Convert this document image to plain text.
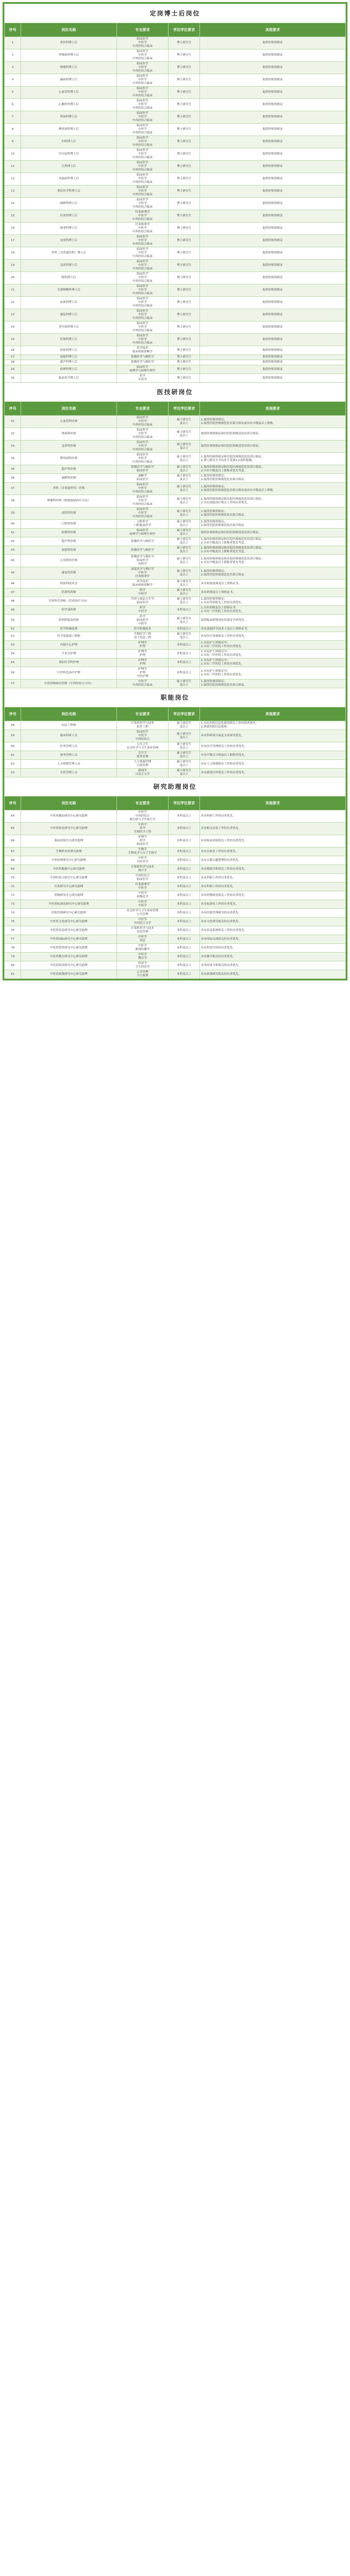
定岗博士后岗位				
序号	岗位名称	专业要求	学历学位要求	其他要求
1	骨伤科博士后	临床医学
中医学
中西医结合临床	博士研究生	取得医师资格证
2	呼吸病科博士后	临床医学
中医学
中西医结合临床	博士研究生	取得医师资格证
3	肿瘤科博士后	临床医学
中医学
中西医结合临床	博士研究生	取得医师资格证
4	脑病科博士后	临床医学
中医学
中西医结合临床	博士研究生	取得医师资格证
5	心血管科博士后	临床医学
中医学
中西医结合临床	博士研究生	取得医师资格证
6	心胸外科博士后	临床医学
中医学
中西医结合临床	博士研究生	取得医师资格证
7	肾病科博士后	临床医学
中医学
中西医结合临床	博士研究生	取得医师资格证
8	脾胃病科博士后	临床医学
中医学
中西医结合临床	博士研究生	取得医师资格证
9	妇科博士后	临床医学
中医学
中西医结合临床	博士研究生	取得医师资格证
10	内分泌科博士后	临床医学
中医学
中西医结合临床	博士研究生	取得医师资格证
11	儿科博士后	临床医学
中医学
中西医结合临床	博士研究生	取得医师资格证
12	风湿病科博士后	临床医学
中医学
中西医结合临床	博士研究生	取得医师资格证
13	重症医学科博士后	临床医学
中医学
中西医结合临床	博士研究生	取得医师资格证
14	麻醉科博士后	临床医学
中医学
中西医结合临床	博士研究生	取得医师资格证
15	针灸科博士后	针灸推拿学
中医学
中西医结合临床	博士研究生	取得医师资格证
16	推拿科博士后	针灸推拿学
中医学
中西医结合临床	博士研究生	取得医师资格证
17	皮肤科博士后	临床医学
中医学
中西医结合临床	博士研究生	取得医师资格证
18	外科（含普通外科）博士后	临床医学
中医学
中西医结合临床	博士研究生	取得医师资格证
19	急诊科博士后	临床医学
中医学
中西医结合临床	博士研究生	取得医师资格证
20	眼科博士后	临床医学
中医学
中西医结合临床	博士研究生	取得医师资格证
21	耳鼻咽喉科博士后	临床医学
中医学
中西医结合临床	博士研究生	取得医师资格证
22	血液科博士后	临床医学
中医学
中西医结合临床	博士研究生	取得医师资格证
23	康复科博士后	临床医学
中医学
中西医结合临床	博士研究生	取得医师资格证
24	老年病科博士后	临床医学
中医学
中西医结合临床	博士研究生	取得医师资格证
25	肛肠科博士后	临床医学
中医学
中西医结合临床	博士研究生	取得医师资格证
26	检验科博士后	医学技术
临床检验诊断学	博士研究生	取得医师资格证
27	放射科博士后	影像医学与核医学	博士研究生	取得医师资格证
28	超声科博士后	影像医学与核医学	博士研究生	取得医师资格证
29	病理科博士后	临床医学
病理学与病理生理学	博士研究生	取得医师资格证
30	临床药学博士后	药学
中药学	博士研究生	取得医师资格证
医技研岗位				
序号	岗位名称	专业要求	学历学位要求	其他要求
31	心血管科医师	临床医学
中医学
中西医结合临床	硕士研究生
及以上	1.取得医师资格证；
2.取得住院医师规范化培训合格证或具有中级及以上职称。
32	肾病科医师	临床医学
中医学
中西医结合临床	硕士研究生
及以上	取得医师资格证和住院医师规范化培训合格证。
33	急诊科医师	临床医学
中医学
中西医结合临床	硕士研究生
及以上	取得医师资格证和住院医师规范化培训合格证。
34	脾胃病科医师	临床医学
中医学
中西医结合临床	硕士研究生
及以上	1.取得医师资格证和住院医师规范化培训合格证；
2.博士研究生学历者不受第2点条件限制。
35	超声科医师	影像医学与核医学
临床医学	硕士研究生
及以上	1.取得医师资格证和住院医师规范化培训合格证；
2.具有中级及以上职称者优先考虑。
36	麻醉科医师	麻醉学
临床医学	硕士研究生
及以上	1.取得医师资格证；
2.取得住院医师规范化培训合格证。
37	外科（含普通外科）医师	临床医学
中医学
中西医结合临床	硕士研究生
及以上	1.取得医师资格证；
2.取得住院医师规范化培训合格证或具有中级及以上职称。
38	肿瘤科医师（肿瘤放射治疗方向）	临床医学
中医学
中西医结合临床	硕士研究生
及以上	1.取得医师资格证和住院医师规范化培训合格证；
2.具有放射治疗相关工作经历者优先。
39	皮肤科医师	临床医学
中医学
中西医结合临床	硕士研究生
及以上	1.取得医师资格证；
2.取得住院医师规范化培训合格证。
40	口腔科医师	口腔医学
口腔临床医学	硕士研究生
及以上	1.取得医师资格证；
2.取得住院医师规范化培训合格证。
41	病理科医师	临床医学
病理学与病理生理学	硕士研究生
及以上	取得医师资格证和住院医师规范化培训合格证。
42	超声科医师	影像医学与核医学	硕士研究生
及以上	1.取得医师资格证和住院医师规范化培训合格证；
2.具有中级及以上职称者优先考虑。
43	放射科医师	影像医学与核医学	硕士研究生
及以上	1.取得医师资格证和住院医师规范化培训合格证；
2.具有中级及以上职称者优先考虑。
44	心电图室医师	影像医学与核医学
临床医学
内科学	硕士研究生
及以上	1.取得医师资格证和住院医师规范化培训合格证；
2.具有中级及以上职称者优先考虑。
45	康复科医师	康复医学与理疗学
中医学
针灸推拿学	硕士研究生
及以上	1.取得医师资格证；
2.取得住院医师规范化培训合格证。
46	检验科技术员	医学技术
临床检验诊断学	硕士研究生
及以上	具有检验技师及以上资格证书。
47	药剂科药师	药学
中药学	硕士研究生
及以上	具有药师及以上资格证书。
48	营养科营养师（营养治疗方向）	营养与食品卫生学
临床医学	硕士研究生
及以上	1.取得医师资格证；
2.具有营养相关工作经历者优先。
49	药学部药师	药学
中药学	本科及以上	1.具有药师及以上资格证书；
2.具有三甲医院工作经历者优先。
50	药剂科临床药师	药学
临床药学
中药学	硕士研究生
及以上	取得临床药师岗位培训证书者优先。
51	医学影像技师	医学影像技术	本科及以上	具有放射医学技术士及以上资格证书。
52	医学装备部工程师	生物医学工程
电子信息工程	硕士研究生
及以上	具有医疗设备相关工作经历者优先。
53	内镜中心护理	护理学
护理	本科及以上	1.具有护士资格证书；
2.具有三甲医院工作经历者优先。
54	手术室护理	护理学
护理	本科及以上	1.具有护士资格证书；
2.具有三甲医院工作经历者优先。
55	重症医学科护理	护理学
护理	本科及以上	1.具有护士资格证书；
2.具有三甲医院工作经历者优先。
56	中医特色治疗护理	护理学
护理
中医护理	本科及以上	1.具有护士资格证书；
2.具有三甲医院工作经历者优先。
57	中医经典病房医师（中西医结合方向）	中医学
中西医结合临床	硕士研究生
及以上	1.取得医师资格证；
2.取得住院医师规范化培训合格证。
职能岗位				
序号	岗位名称	专业要求	学历学位要求	其他要求
58	信息工程师	计算机科学与技术
软件工程	硕士研究生
及以上	1.具有医院信息化建设相关工作经验者优先；
2.熟悉医院信息系统。
59	临床科研人员	临床医学
中医学
中西医结合	硕士研究生
及以上	具有科研项目或论文成果者优先。
60	医务管理人员	公共卫生
社会医学与卫生事业管理	硕士研究生
及以上	具有医疗管理相关工作经历者优先。
61	财务管理人员	会计学
财务管理	硕士研究生
及以上	具有中级会计师及以上职称者优先。
62	人力资源管理人员	人力资源管理
行政管理	硕士研究生
及以上	具有人力资源相关工作经历者优先。
63	宣传管理人员	新闻学
汉语言文学	硕士研究生
及以上	具有新闻宣传相关工作经历者优先。
研究助理岗位				
序号	岗位名称	专业要求	学历学位要求	其他要求
64	中医药循证研究中心研究助理	中医学
中西医结合
流行病与卫生统计学	本科及以上	具有科研工作经历者优先。
65	中医药转化研究中心研究助理	中药学
药学
生物医学工程	本科及以上	具有相关实验工作经历者优先。
66	临床试验中心研究助理	护理学
药学
临床医学	本科及以上	具有临床试验相关工作经历者优先。
67	生物样本库研究助理	生物学
生物化学与分子生物学	本科及以上	具有实验室工作经历者优先。
68	中医经典研究中心研究助理	中医学
中医史学	本科及以上	具有古籍文献整理经历者优先。
69	中医药数据中心研究助理	计算机科学与技术
统计学	本科及以上	具有数据分析相关工作经历者优先。
70	中西医结合研究中心研究助理	中西医结合
临床医学	本科及以上	具有科研工作经历者优先。
71	针灸研究中心研究助理	针灸推拿学
中医学	本科及以上	具有科研工作经历者优先。
72	药物研发中心研究助理	中药学
药物化学	本科及以上	具有药物研发相关工作经历者优先。
73	中医药标准化研究中心研究助理	中医学
中药学	本科及以上	具有标准化工作经历者优先。
74	医院管理研究中心研究助理	社会医学与卫生事业管理
公共管理	本科及以上	具有医院管理研究经历者优先。
75	中医药文化研究中心研究助理	中医学
中国语言文学	本科及以上	具有文化研究相关经历者优先。
76	中医药信息研究中心研究助理	计算机科学与技术
信息管理	本科及以上	具有信息系统相关工作经历者优先。
77	中医药国际研究中心研究助理	中医学
英语	本科及以上	具有国际交流相关经历者优先。
78	中医药科普研究中心研究助理	中医学
新闻传播学	本科及以上	具有科普宣传经历者优先。
79	中医药教育研究中心研究助理	中医学
教育学	本科及以上	具有教学相关经历者优先。
80	中医药经济研究中心研究助理	经济学
卫生经济学	本科及以上	具有经济分析相关经历者优先。
81	中医药政策研究中心研究助理	公共管理
卫生政策	本科及以上	具有政策研究相关经历者优先。
